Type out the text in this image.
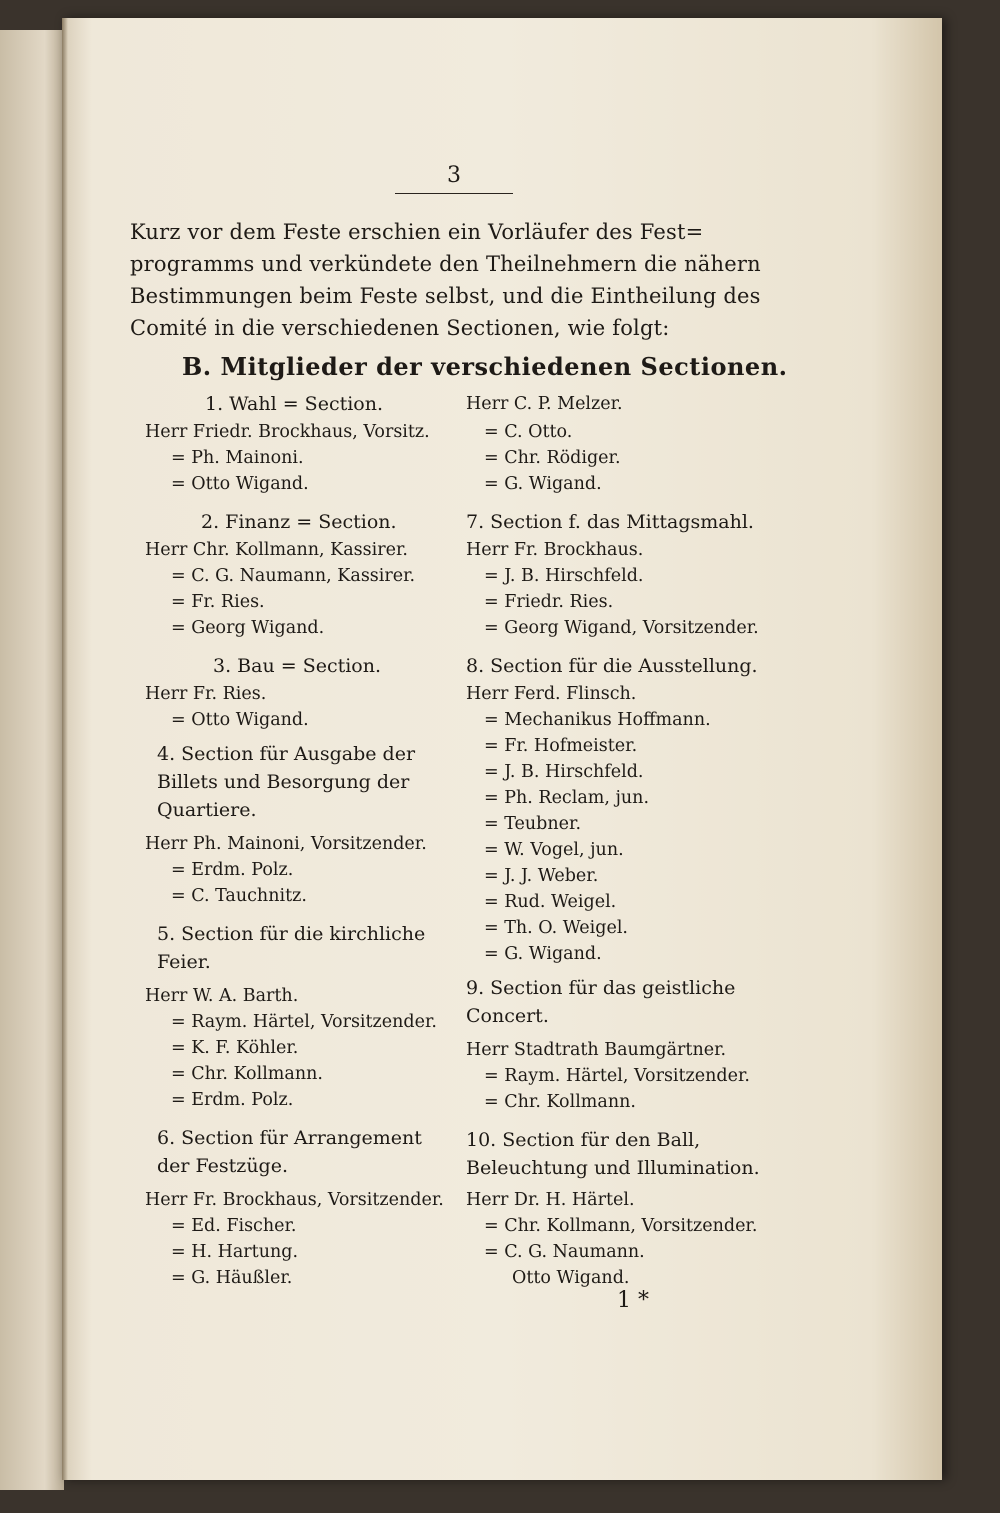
3
Kurz vor dem Feste erschien ein Vorläufer des Fest=
programms und verkündete den Theilnehmern die nähern
Bestimmungen beim Feste selbst, und die Eintheilung des
Comité in die verschiedenen Sectionen, wie folgt:
B. Mitglieder der verschiedenen Sectionen.
1. Wahl = Section.
Herr Friedr. Brockhaus, Vorsitz.
= Ph. Mainoni.
= Otto Wigand.
2. Finanz = Section.
Herr Chr. Kollmann, Kassirer.
= C. G. Naumann, Kassirer.
= Fr. Ries.
= Georg Wigand.
3. Bau = Section.
Herr Fr. Ries.
= Otto Wigand.
4. Section für Ausgabe der
Billets und Besorgung der
Quartiere.
Herr Ph. Mainoni, Vorsitzender.
= Erdm. Polz.
= C. Tauchnitz.
5. Section für die kirchliche
Feier.
Herr W. A. Barth.
= Raym. Härtel, Vorsitzender.
= K. F. Köhler.
= Chr. Kollmann.
= Erdm. Polz.
6. Section für Arrangement
der Festzüge.
Herr Fr. Brockhaus, Vorsitzender.
= Ed. Fischer.
= H. Hartung.
= G. Häußler.
Herr C. P. Melzer.
= C. Otto.
= Chr. Rödiger.
= G. Wigand.
7. Section f. das Mittagsmahl.
Herr Fr. Brockhaus.
= J. B. Hirschfeld.
= Friedr. Ries.
= Georg Wigand, Vorsitzender.
8. Section für die Ausstellung.
Herr Ferd. Flinsch.
= Mechanikus Hoffmann.
= Fr. Hofmeister.
= J. B. Hirschfeld.
= Ph. Reclam, jun.
= Teubner.
= W. Vogel, jun.
= J. J. Weber.
= Rud. Weigel.
= Th. O. Weigel.
= G. Wigand.
9. Section für das geistliche
Concert.
Herr Stadtrath Baumgärtner.
= Raym. Härtel, Vorsitzender.
= Chr. Kollmann.
10. Section für den Ball,
Beleuchtung und Illumination.
Herr Dr. H. Härtel.
= Chr. Kollmann, Vorsitzender.
= C. G. Naumann.
Otto Wigand.
1 *
